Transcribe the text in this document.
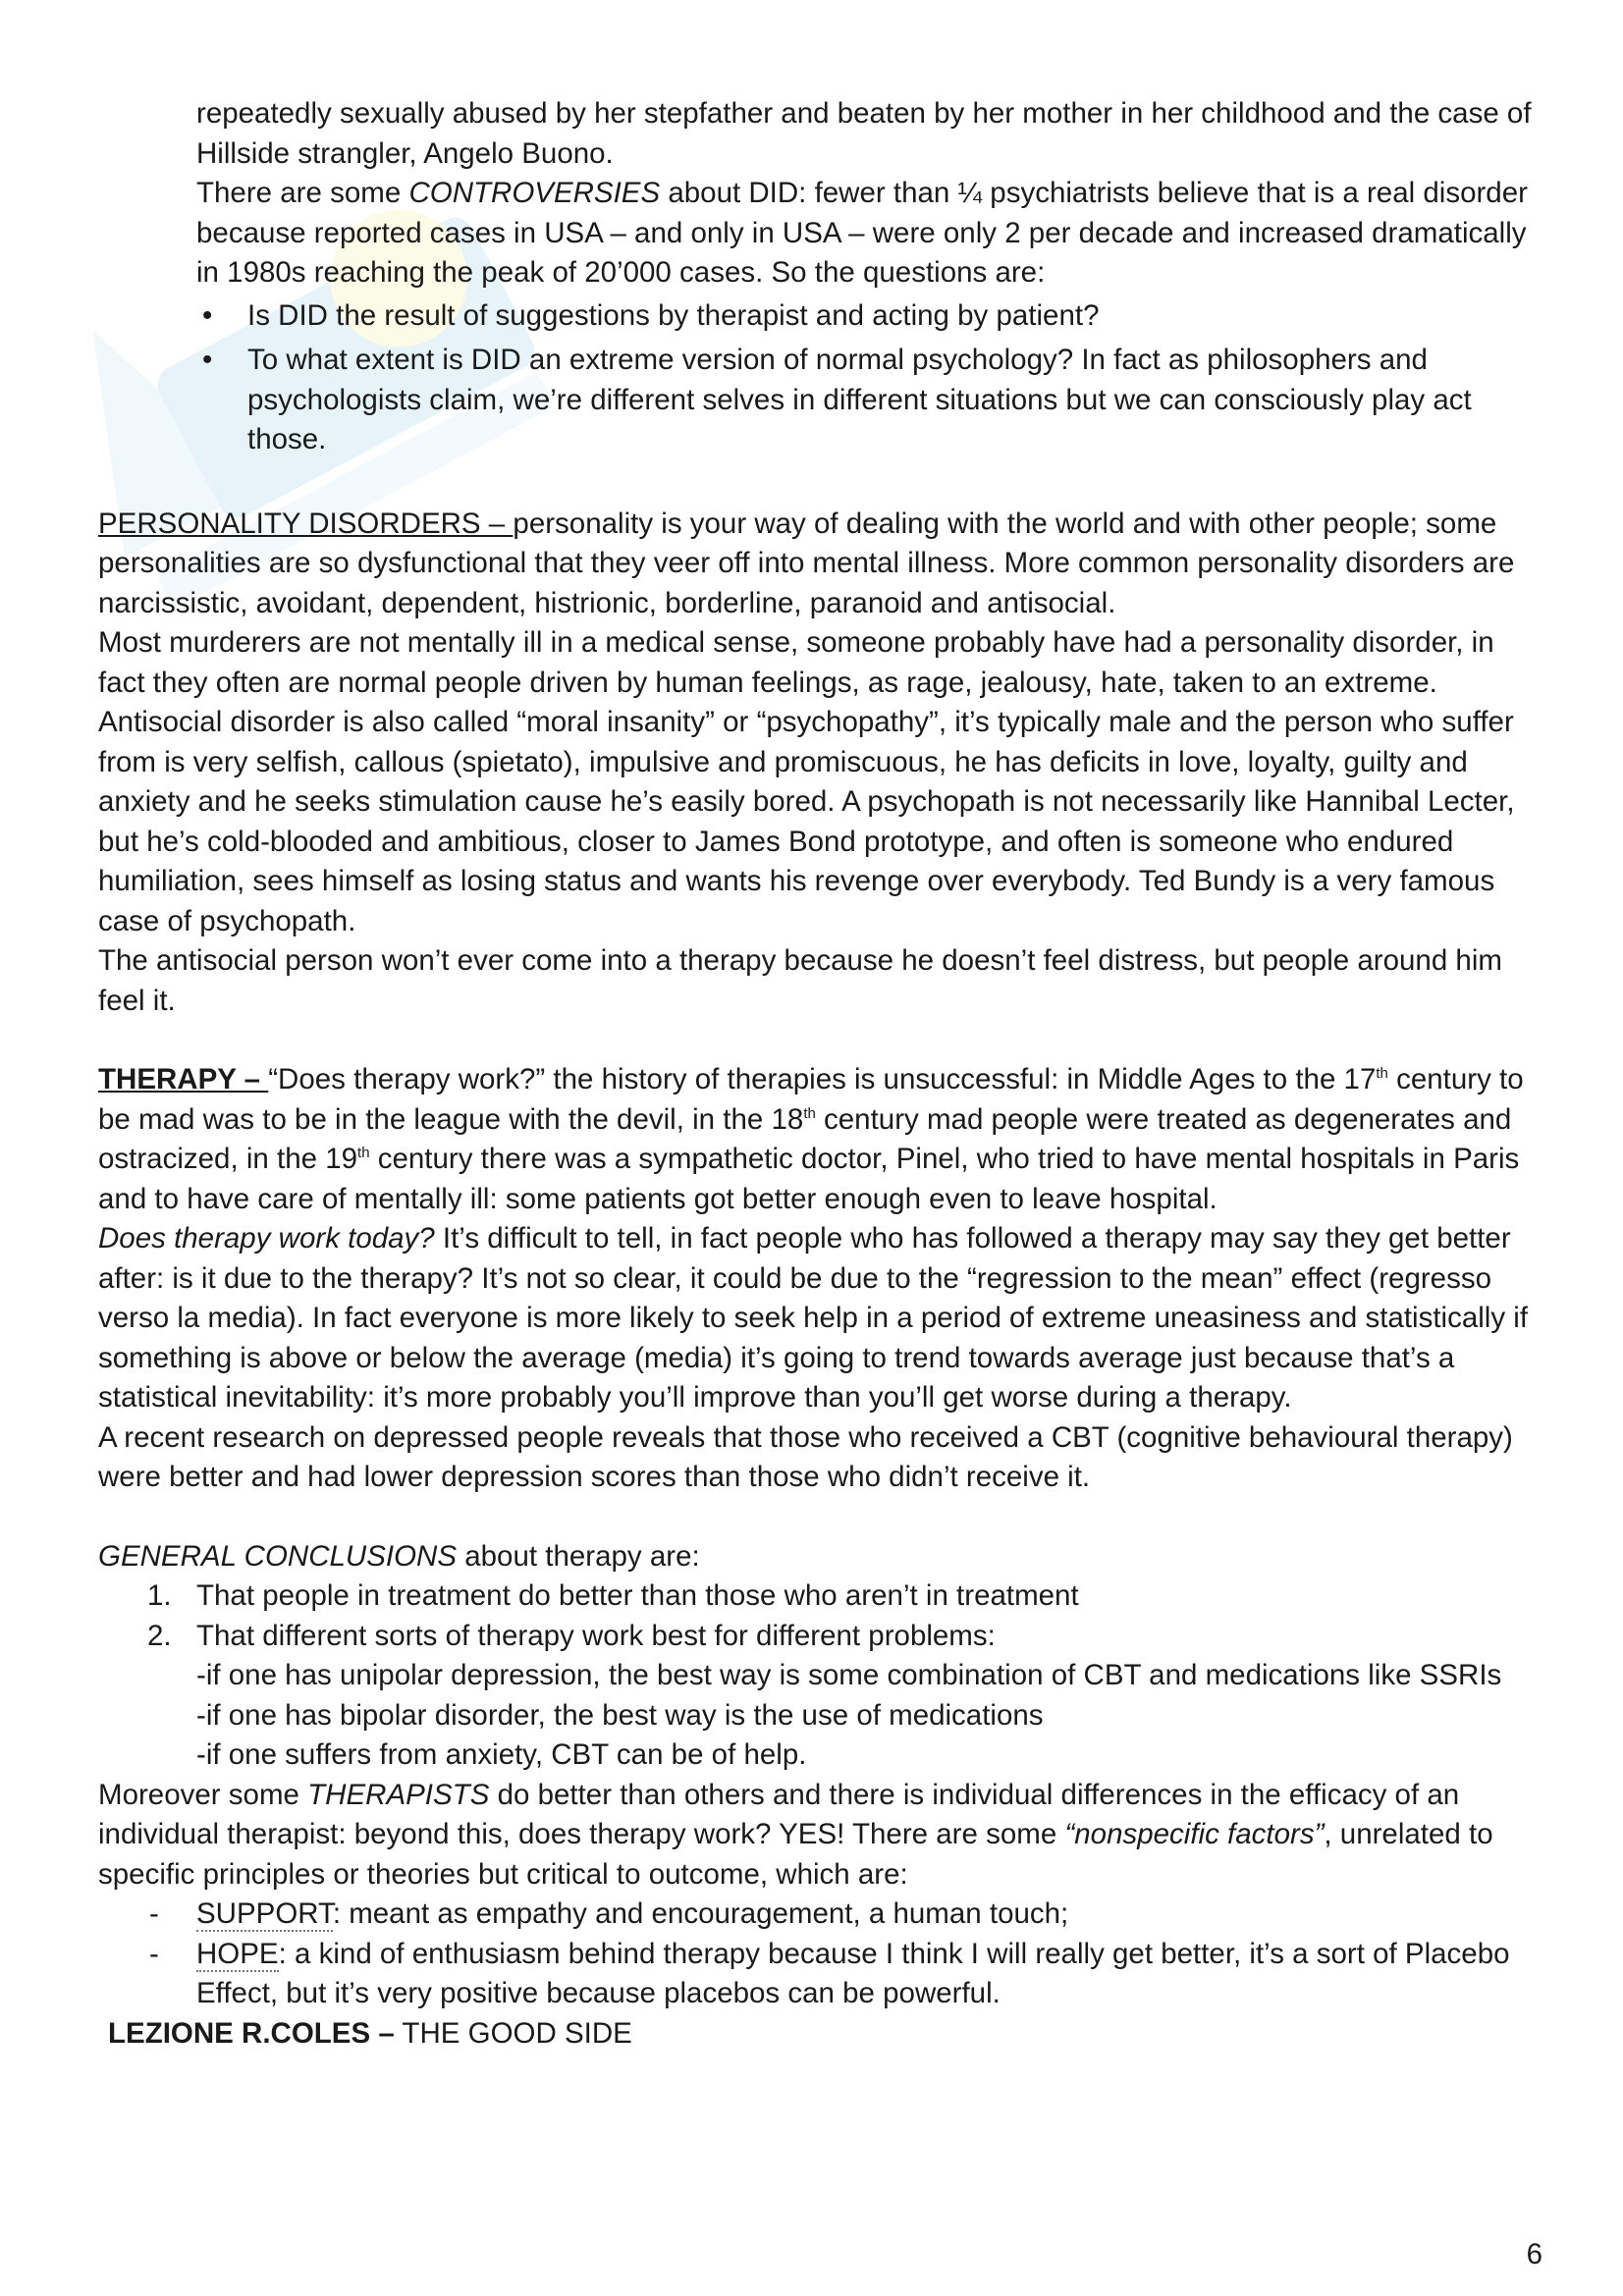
repeatedly sexually abused by her stepfather and beaten by her mother in her childhood and the case of Hillside strangler, Angelo Buono.

There are some CONTROVERSIES about DID: fewer than ¼ psychiatrists believe that is a real disorder because reported cases in USA – and only in USA – were only 2 per decade and increased dramatically in 1980s reaching the peak of 20’000 cases. So the questions are:

• Is DID the result of suggestions by therapist and acting by patient?
• To what extent is DID an extreme version of normal psychology? In fact as philosophers and psychologists claim, we’re different selves in different situations but we can consciously play act those.

PERSONALITY DISORDERS – personality is your way of dealing with the world and with other people; some personalities are so dysfunctional that they veer off into mental illness. More common personality disorders are narcissistic, avoidant, dependent, histrionic, borderline, paranoid and antisocial.

Most murderers are not mentally ill in a medical sense, someone probably have had a personality disorder, in fact they often are normal people driven by human feelings, as rage, jealousy, hate, taken to an extreme.

Antisocial disorder is also called “moral insanity” or “psychopathy”, it’s typically male and the person who suffer from is very selfish, callous (spietato), impulsive and promiscuous, he has deficits in love, loyalty, guilty and anxiety and he seeks stimulation cause he’s easily bored. A psychopath is not necessarily like Hannibal Lecter, but he’s cold-blooded and ambitious, closer to James Bond prototype, and often is someone who endured humiliation, sees himself as losing status and wants his revenge over everybody. Ted Bundy is a very famous case of psychopath.

The antisocial person won’t ever come into a therapy because he doesn’t feel distress, but people around him feel it.

THERAPY – “Does therapy work?” the history of therapies is unsuccessful: in Middle Ages to the 17th century to be mad was to be in the league with the devil, in the 18th century mad people were treated as degenerates and ostracized, in the 19th century there was a sympathetic doctor, Pinel, who tried to have mental hospitals in Paris and to have care of mentally ill: some patients got better enough even to leave hospital.

Does therapy work today? It’s difficult to tell, in fact people who has followed a therapy may say they get better after: is it due to the therapy? It’s not so clear, it could be due to the “regression to the mean” effect (regresso verso la media). In fact everyone is more likely to seek help in a period of extreme uneasiness and statistically if something is above or below the average (media) it’s going to trend towards average just because that’s a statistical inevitability: it’s more probably you’ll improve than you’ll get worse during a therapy.

A recent research on depressed people reveals that those who received a CBT (cognitive behavioural therapy) were better and had lower depression scores than those who didn’t receive it.

GENERAL CONCLUSIONS about therapy are:

1. That people in treatment do better than those who aren’t in treatment
2. That different sorts of therapy work best for different problems:

-if one has unipolar depression, the best way is some combination of CBT and medications like SSRIs

-if one has bipolar disorder, the best way is the use of medications

-if one suffers from anxiety, CBT can be of help.

Moreover some THERAPISTS do better than others and there is individual differences in the efficacy of an individual therapist: beyond this, does therapy work? YES! There are some “nonspecific factors”, unrelated to specific principles or theories but critical to outcome, which are:

- SUPPORT: meant as empathy and encouragement, a human touch;
- HOPE: a kind of enthusiasm behind therapy because I think I will really get better, it’s a sort of Placebo Effect, but it’s very positive because placebos can be powerful.

LEZIONE R.COLES – THE GOOD SIDE

6
